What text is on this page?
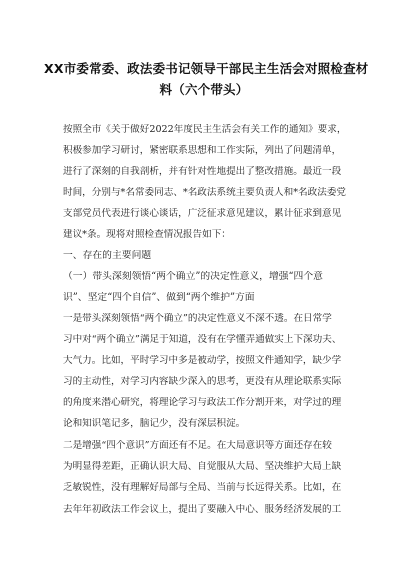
XX市委常委、政法委书记领导干部民主生活会对照检查材
料（六个带头）
按照全市《关于做好2022年度民主生活会有关工作的通知》要求，
积极参加学习研讨，紧密联系思想和工作实际，列出了问题清单，
进行了深刻的自我剖析，并有针对性地提出了整改措施。最近一段
时间，分别与*名常委同志、*名政法系统主要负责人和*名政法委党
支部党员代表进行谈心谈话，广泛征求意见建议，累计征求到意见
建议*条。现将对照检查情况报告如下：
一、存在的主要问题
（一）带头深刻领悟“两个确立”的决定性意义，增强“四个意
识”、坚定“四个自信”、做到“两个维护”方面
一是带头深刻领悟“两个确立”的决定性意义不深不透。在日常学
习中对“两个确立”满足于知道，没有在学懂弄通做实上下深功夫、
大气力。比如，平时学习中多是被动学，按照文件通知学，缺少学
习的主动性，对学习内容缺少深入的思考，更没有从理论联系实际
的角度来潜心研究，将理论学习与政法工作分割开来，对学过的理
论和知识笔记多，脑记少，没有深层积淀。
二是增强“四个意识”方面还有不足。在大局意识等方面还存在较
为明显得差距，正确认识大局、自觉服从大局、坚决维护大局上缺
乏敏锐性，没有理解好局部与全局、当前与长远得关系。比如，在
去年年初政法工作会议上，提出了要融入中心、服务经济发展的工
